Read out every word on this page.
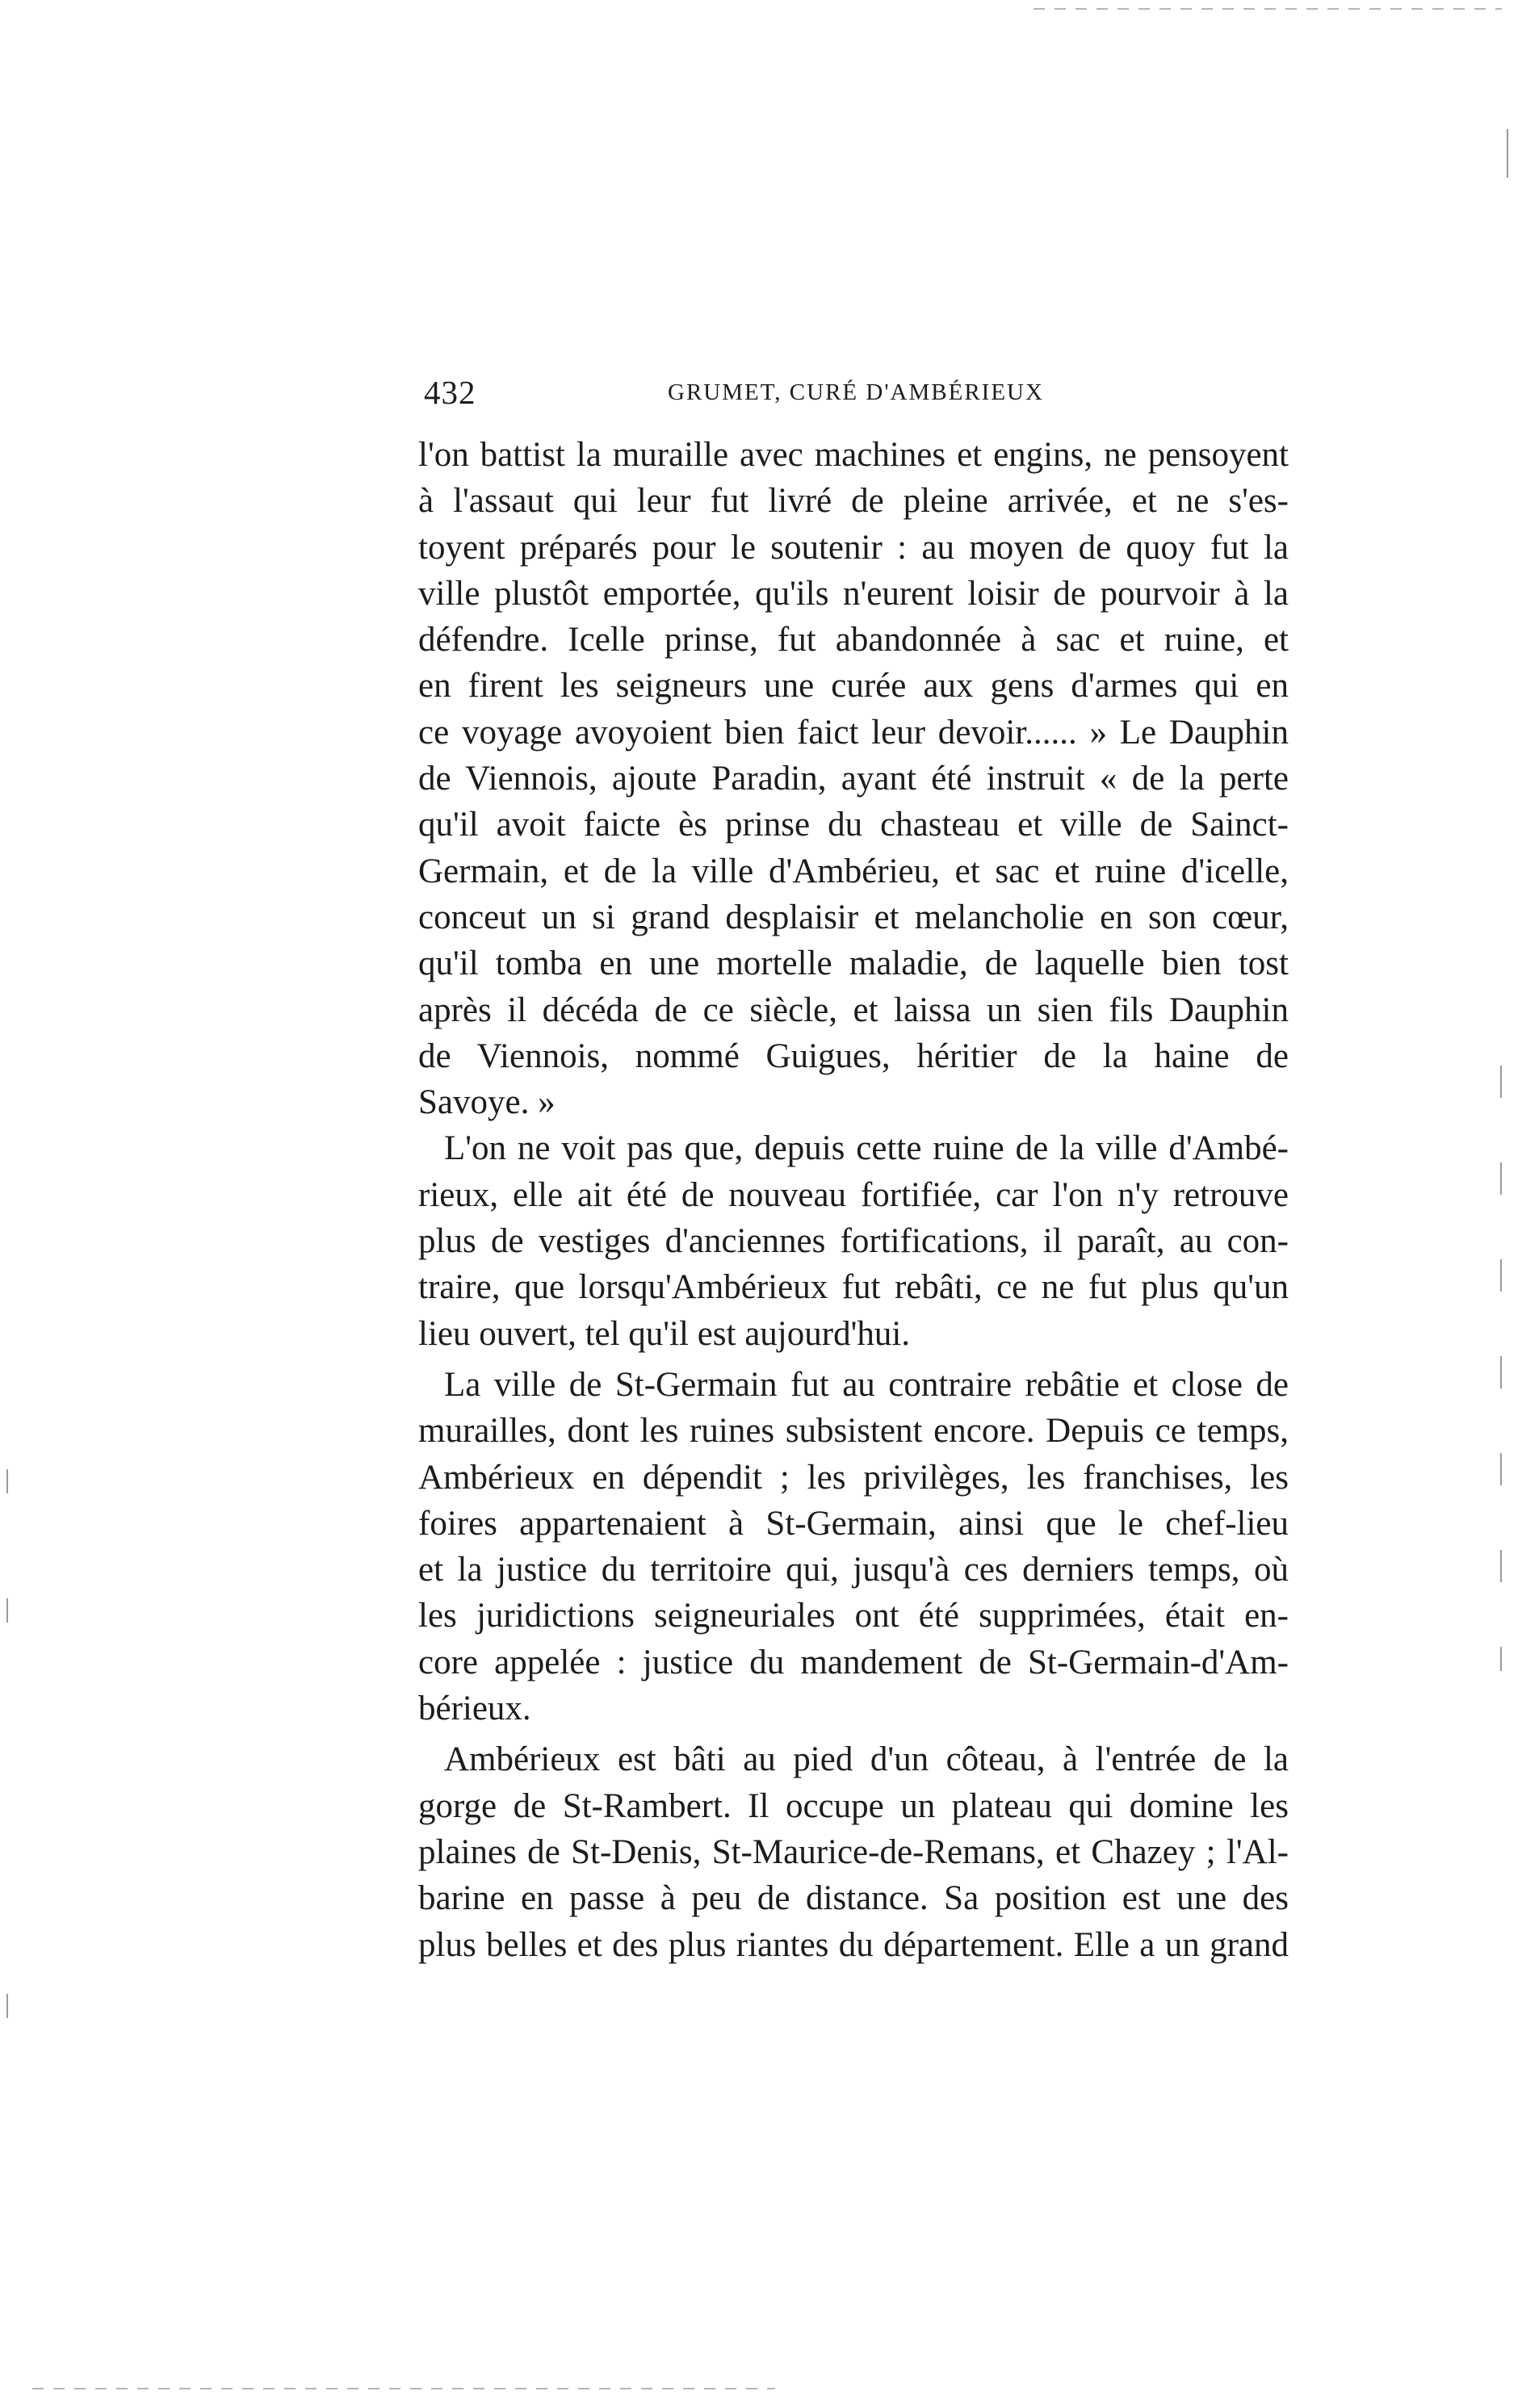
432	GRUMET, CURÉ D'AMBÉRIEUX
l'on battist la muraille avec machines et engins, ne pensoyent
à l'assaut qui leur fut livré de pleine arrivée, et ne s'es-
toyent préparés pour le soutenir : au moyen de quoy fut la
ville plustôt emportée, qu'ils n'eurent loisir de pourvoir à la
défendre. Icelle prinse, fut abandonnée à sac et ruine, et
en firent les seigneurs une curée aux gens d'armes qui en
ce voyage avoyoient bien faict leur devoir...... » Le Dauphin
de Viennois, ajoute Paradin, ayant été instruit « de la perte
qu'il avoit faicte ès prinse du chasteau et ville de Sainct-
Germain, et de la ville d'Ambérieu, et sac et ruine d'icelle,
conceut un si grand desplaisir et melancholie en son cœur,
qu'il tomba en une mortelle maladie, de laquelle bien tost
après il décéda de ce siècle, et laissa un sien fils Dauphin
de Viennois, nommé Guigues, héritier de la haine de
Savoye. »
L'on ne voit pas que, depuis cette ruine de la ville d'Ambé-
rieux, elle ait été de nouveau fortifiée, car l'on n'y retrouve
plus de vestiges d'anciennes fortifications, il paraît, au con-
traire, que lorsqu'Ambérieux fut rebâti, ce ne fut plus qu'un
lieu ouvert, tel qu'il est aujourd'hui.
La ville de St-Germain fut au contraire rebâtie et close de
murailles, dont les ruines subsistent encore. Depuis ce temps,
Ambérieux en dépendit ; les privilèges, les franchises, les
foires appartenaient à St-Germain, ainsi que le chef-lieu
et la justice du territoire qui, jusqu'à ces derniers temps, où
les juridictions seigneuriales ont été supprimées, était en-
core appelée : justice du mandement de St-Germain-d'Am-
bérieux.
Ambérieux est bâti au pied d'un côteau, à l'entrée de la
gorge de St-Rambert. Il occupe un plateau qui domine les
plaines de St-Denis, St-Maurice-de-Remans, et Chazey ; l'Al-
barine en passe à peu de distance. Sa position est une des
plus belles et des plus riantes du département. Elle a un grand
